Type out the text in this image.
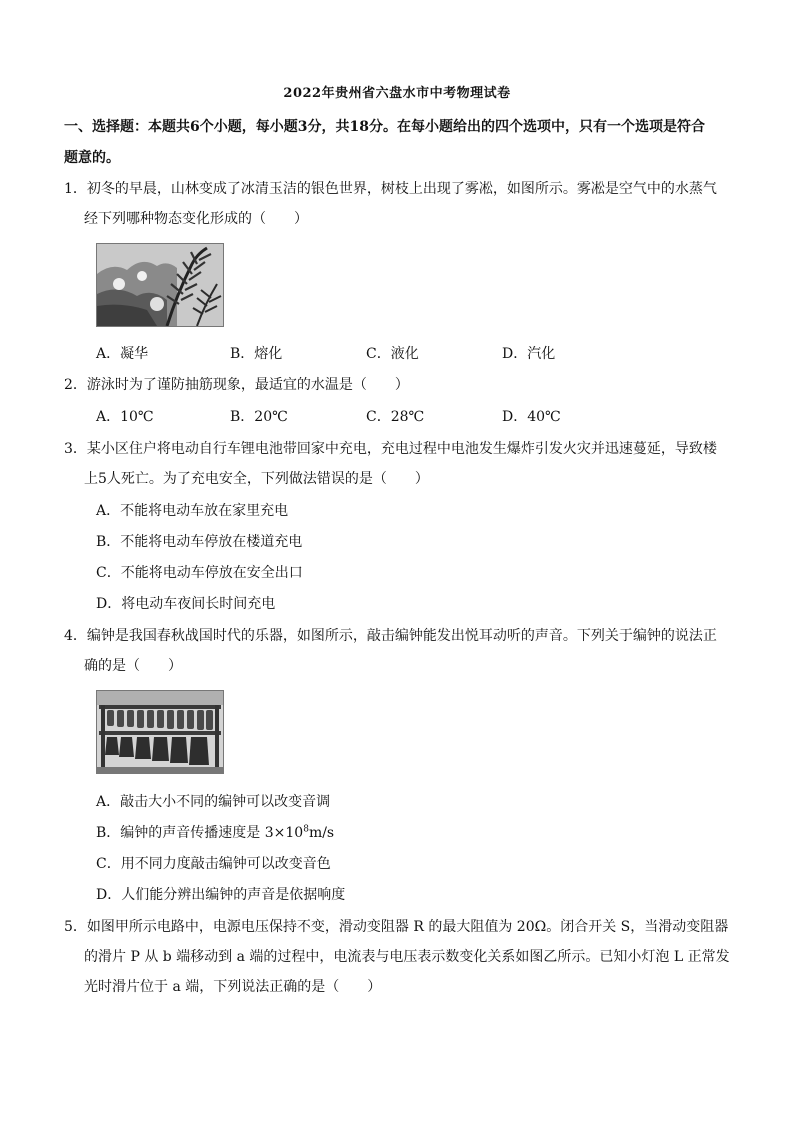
2022年贵州省六盘水市中考物理试卷
一、选择题：本题共6个小题，每小题3分，共18分。在每小题给出的四个选项中，只有一个选项是符合
题意的。
1．初冬的早晨，山林变成了冰清玉洁的银色世界，树枝上出现了雾凇，如图所示。雾凇是空气中的水蒸气
经下列哪种物态变化形成的（　　）
A．凝华	B．熔化	C．液化	D．汽化
2．游泳时为了谨防抽筋现象，最适宜的水温是（　　）
A．10℃	B．20℃	C．28℃	D．40℃
3．某小区住户将电动自行车锂电池带回家中充电，充电过程中电池发生爆炸引发火灾并迅速蔓延，导致楼
上5人死亡。为了充电安全，下列做法错误的是（　　）
A．不能将电动车放在家里充电
B．不能将电动车停放在楼道充电
C．不能将电动车停放在安全出口
D．将电动车夜间长时间充电
4．编钟是我国春秋战国时代的乐器，如图所示，敲击编钟能发出悦耳动听的声音。下列关于编钟的说法正
确的是（　　）
A．敲击大小不同的编钟可以改变音调
B．编钟的声音传播速度是 $3\times 10^8m/s$
C．用不同力度敲击编钟可以改变音色
D．人们能分辨出编钟的声音是依据响度
5．如图甲所示电路中，电源电压保持不变，滑动变阻器 R 的最大阻值为 20Ω。闭合开关 S，当滑动变阻器
的滑片 P 从 b 端移动到 a 端的过程中，电流表与电压表示数变化关系如图乙所示。已知小灯泡 L 正常发
光时滑片位于 a 端，下列说法正确的是（　　）
